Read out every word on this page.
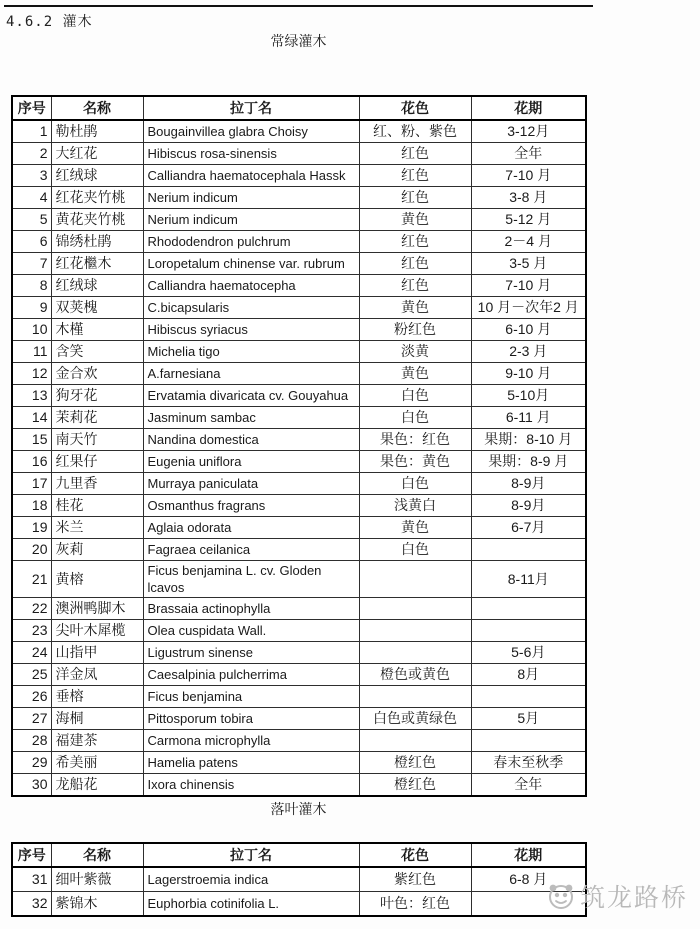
4.6.2 灌木
常绿灌木
序号	名称	拉丁名	花色	花期
1	勒杜鹃	Bougainvillea glabra Choisy	红、粉、紫色	3-12月
2	大红花	Hibiscus rosa-sinensis	红色	全年
3	红绒球	Calliandra haematocephala Hassk	红色	7-10 月
4	红花夹竹桃	Nerium indicum	红色	3-8 月
5	黄花夹竹桃	Nerium indicum	黄色	5-12 月
6	锦绣杜鹃	Rhododendron pulchrum	红色	2－4 月
7	红花檵木	Loropetalum chinense var. rubrum	红色	3-5 月
8	红绒球	Calliandra haematocepha	红色	7-10 月
9	双荚槐	C.bicapsularis	黄色	10 月－次年2 月
10	木槿	Hibiscus syriacus	粉红色	6-10 月
11	含笑	Michelia tigo	淡黄	2-3 月
12	金合欢	A.farnesiana	黄色	9-10 月
13	狗牙花	Ervatamia divaricata cv. Gouyahua	白色	5-10月
14	茉莉花	Jasminum sambac	白色	6-11 月
15	南天竹	Nandina domestica	果色：红色	果期：8-10 月
16	红果仔	Eugenia uniflora	果色：黄色	果期：8-9 月
17	九里香	Murraya paniculata	白色	8-9月
18	桂花	Osmanthus fragrans	浅黄白	8-9月
19	米兰	Aglaia odorata	黄色	6-7月
20	灰莉	Fagraea ceilanica	白色	
21	黄榕	Ficus benjamina L. cv. Gloden lcavos		8-11月
22	澳洲鸭脚木	Brassaia actinophylla		
23	尖叶木犀榄	Olea cuspidata Wall.		
24	山指甲	Ligustrum sinense		5-6月
25	洋金凤	Caesalpinia pulcherrima	橙色或黄色	8月
26	垂榕	Ficus benjamina		
27	海桐	Pittosporum tobira	白色或黄绿色	5月
28	福建茶	Carmona microphylla		
29	希美丽	Hamelia patens	橙红色	春末至秋季
30	龙船花	Ixora chinensis	橙红色	全年
落叶灌木
序号	名称	拉丁名	花色	花期
31	细叶紫薇	Lagerstroemia indica	紫红色	6-8 月
32	紫锦木	Euphorbia cotinifolia L.	叶色：红色		筑龙路桥
